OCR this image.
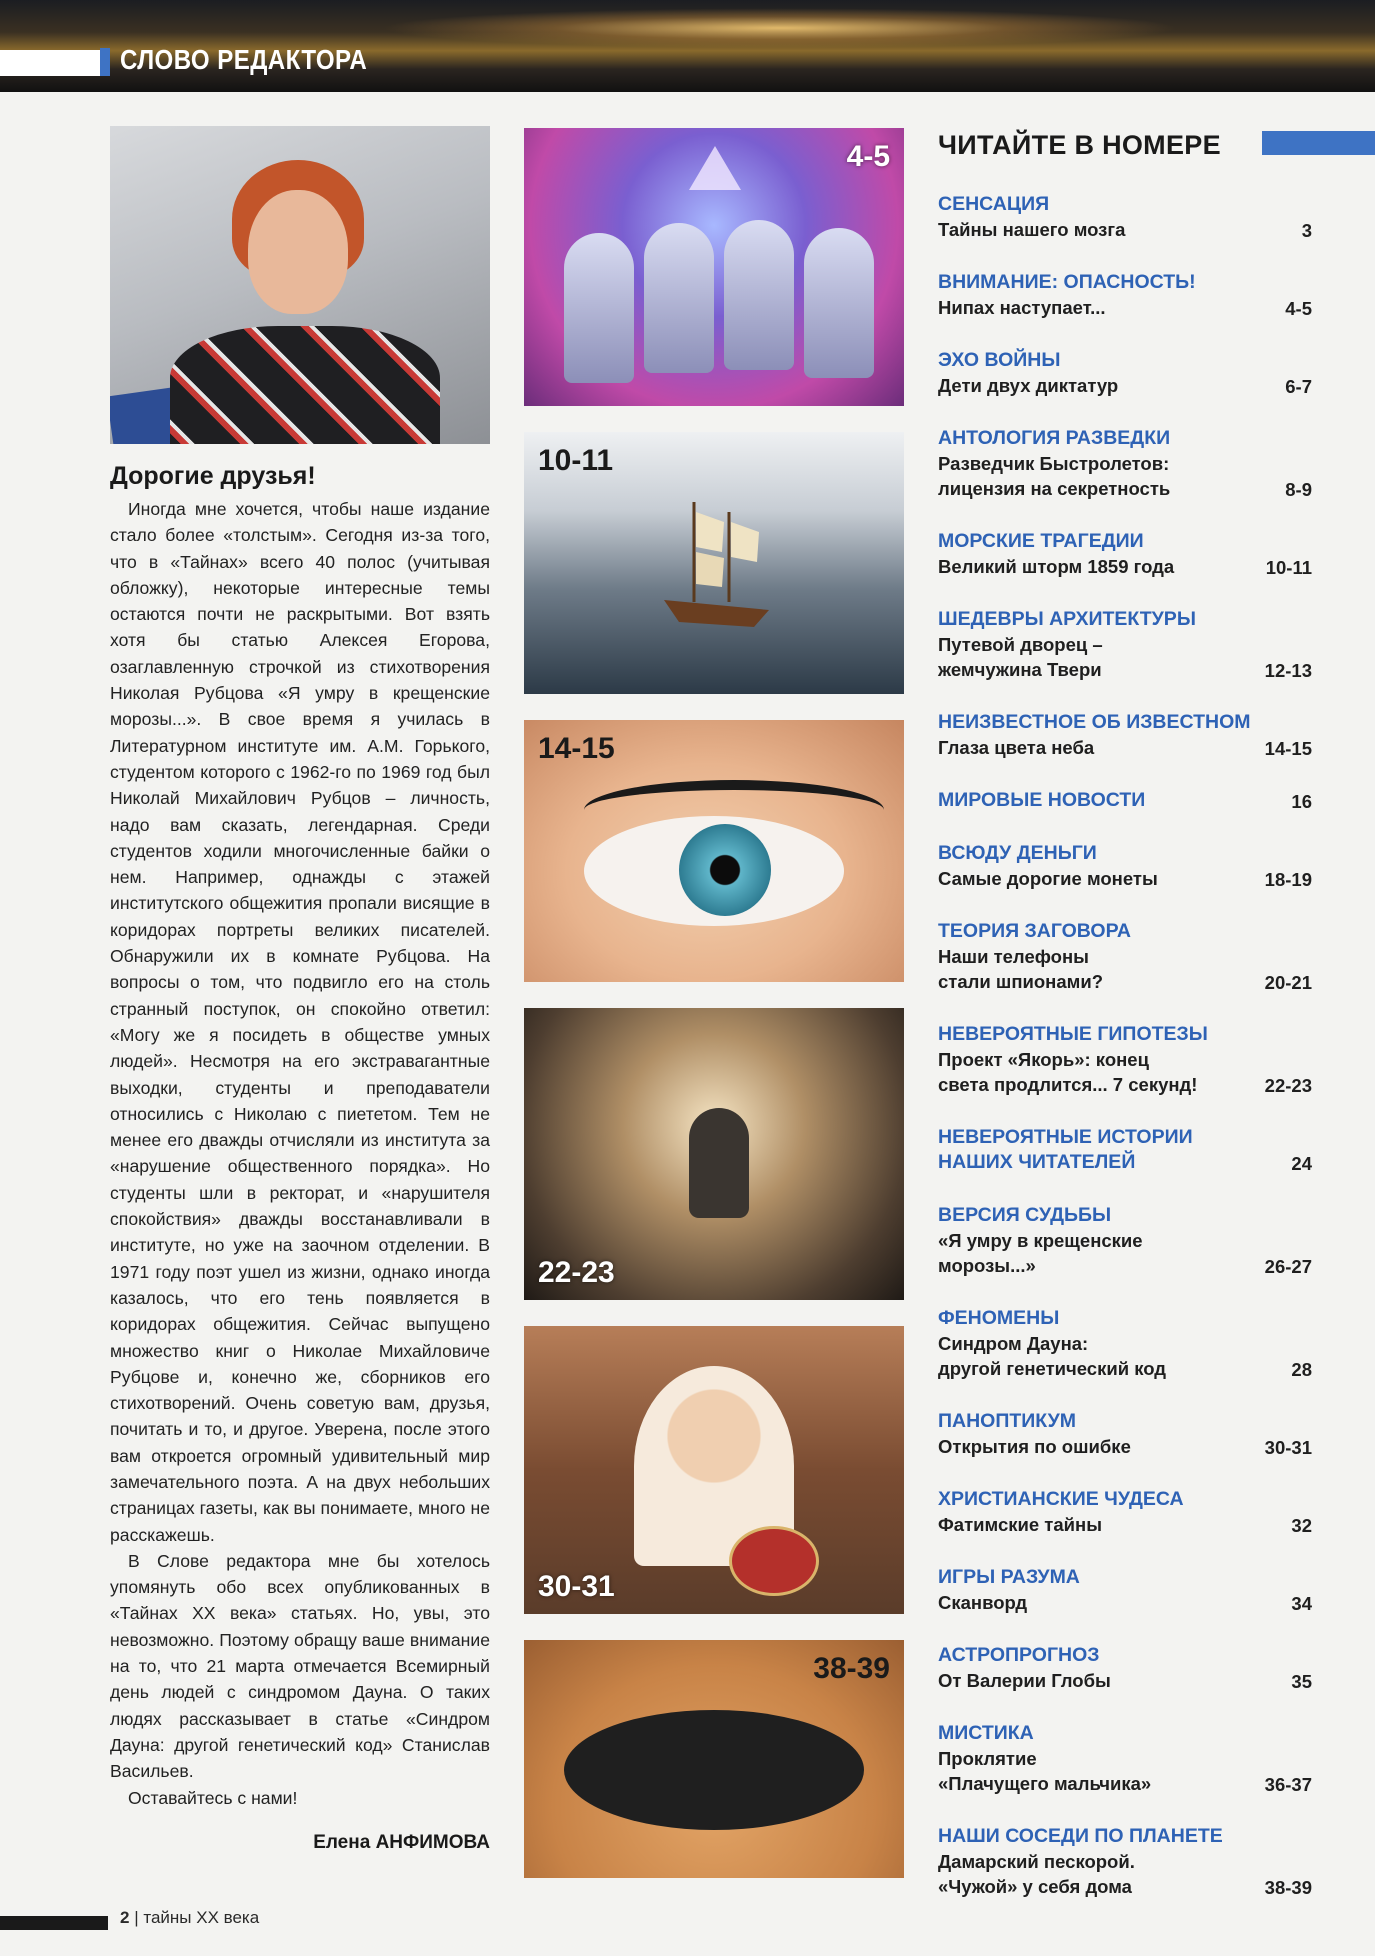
СЛОВО РЕДАКТОРА
Дорогие друзья!

Иногда мне хочется, чтобы наше издание стало более «толстым». Сегодня из-за того, что в «Тайнах» всего 40 полос (учитывая обложку), некоторые интересные темы остаются почти не раскрытыми. Вот взять хотя бы статью Алексея Егорова, озаглавленную строчкой из стихотворения Николая Рубцова «Я умру в крещенские морозы...». В свое время я училась в Литературном институте им. А.М. Горького, студентом которого с 1962-го по 1969 год был Николай Михайлович Рубцов – личность, надо вам сказать, легендарная. Среди студентов ходили многочисленные байки о нем. Например, однажды с этажей институтского общежития пропали висящие в коридорах портреты великих писателей. Обнаружили их в комнате Рубцова. На вопросы о том, что подвигло его на столь странный поступок, он спокойно ответил: «Могу же я посидеть в обществе умных людей». Несмотря на его экстравагантные выходки, студенты и преподаватели относились с Николаю с пиететом. Тем не менее его дважды отчисляли из института за «нарушение общественного порядка». Но студенты шли в ректорат, и «нарушителя спокойствия» дважды восстанавливали в институте, но уже на заочном отделении. В 1971 году поэт ушел из жизни, однако иногда казалось, что его тень появляется в коридорах общежития. Сейчас выпущено множество книг о Николае Михайловиче Рубцове и, конечно же, сборников его стихотворений. Очень советую вам, друзья, почитать и то, и другое. Уверена, после этого вам откроется огромный удивительный мир замечательного поэта. А на двух небольших страницах газеты, как вы понимаете, много не расскажешь.

В Слове редактора мне бы хотелось упомянуть обо всех опубликованных в «Тайнах XX века» статьях. Но, увы, это невозможно. Поэтому обращу ваше внимание на то, что 21 марта отмечается Всемирный день людей с синдромом Дауна. О таких людях рассказывает в статье «Синдром Дауна: другой генетический код» Станислав Васильев.

Оставайтесь с нами!

Елена АНФИМОВА
4-5
10-11
14-15
22-23
30-31
38-39
ЧИТАЙТЕ В НОМЕРЕ
СЕНСАЦИЯ
Тайны нашего мозга	3
ВНИМАНИЕ: ОПАСНОСТЬ!
Нипах наступает...	4-5
ЭХО ВОЙНЫ
Дети двух диктатур	6-7
АНТОЛОГИЯ РАЗВЕДКИ
Разведчик Быстролетов:
лицензия на секретность	8-9
МОРСКИЕ ТРАГЕДИИ
Великий шторм 1859 года	10-11
ШЕДЕВРЫ АРХИТЕКТУРЫ
Путевой дворец –
жемчужина Твери	12-13
НЕИЗВЕСТНОЕ ОБ ИЗВЕСТНОМ
Глаза цвета неба	14-15
МИРОВЫЕ НОВОСТИ	16
ВСЮДУ ДЕНЬГИ
Самые дорогие монеты	18-19
ТЕОРИЯ ЗАГОВОРА
Наши телефоны
стали шпионами?	20-21
НЕВЕРОЯТНЫЕ ГИПОТЕЗЫ
Проект «Якорь»: конец
света продлится... 7 секунд!	22-23
НЕВЕРОЯТНЫЕ ИСТОРИИ
НАШИХ ЧИТАТЕЛЕЙ	24
ВЕРСИЯ СУДЬБЫ
«Я умру в крещенские
морозы...»	26-27
ФЕНОМЕНЫ
Синдром Дауна:
другой генетический код	28
ПАНОПТИКУМ
Открытия по ошибке	30-31
ХРИСТИАНСКИЕ ЧУДЕСА
Фатимские тайны	32
ИГРЫ РАЗУМА
Сканворд	34
АСТРОПРОГНОЗ
От Валерии Глобы	35
МИСТИКА
Проклятие
«Плачущего мальчика»	36-37
НАШИ СОСЕДИ ПО ПЛАНЕТЕ
Дамарский пескорой.
«Чужой» у себя дома	38-39
2 | тайны XX века
